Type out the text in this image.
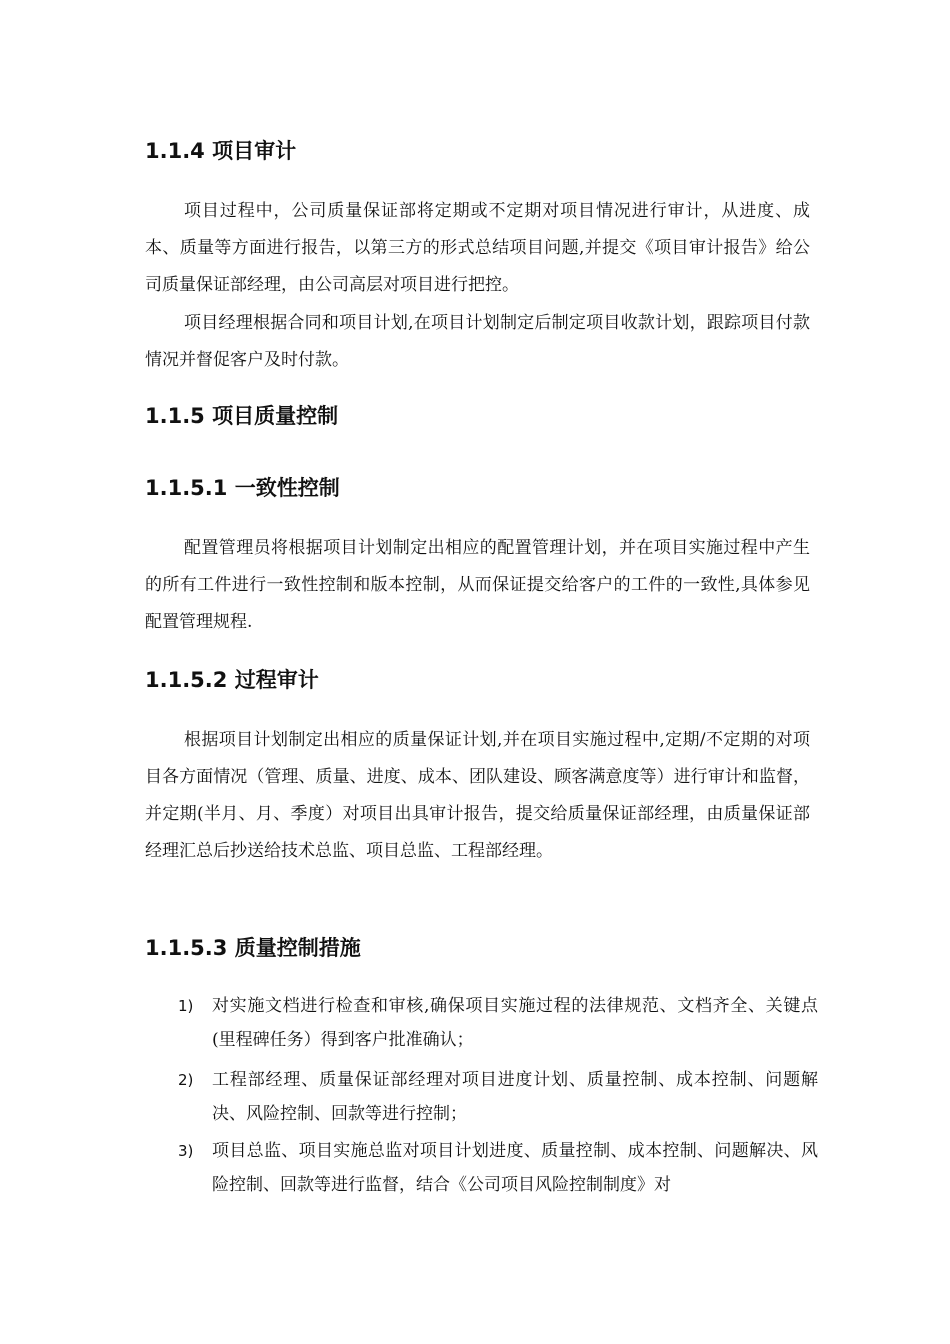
1.1.4 项目审计
项目过程中，公司质量保证部将定期或不定期对项目情况进行审计，从进度、成本、质量等方面进行报告，以第三方的形式总结项目问题,并提交《项目审计报告》给公司质量保证部经理，由公司高层对项目进行把控。
项目经理根据合同和项目计划,在项目计划制定后制定项目收款计划，跟踪项目付款情况并督促客户及时付款。
1.1.5 项目质量控制
1.1.5.1 一致性控制
配置管理员将根据项目计划制定出相应的配置管理计划，并在项目实施过程中产生的所有工件进行一致性控制和版本控制，从而保证提交给客户的工件的一致性,具体参见配置管理规程.
1.1.5.2 过程审计
根据项目计划制定出相应的质量保证计划,并在项目实施过程中,定期/不定期的对项目各方面情况（管理、质量、进度、成本、团队建设、顾客满意度等）进行审计和监督，并定期(半月、月、季度）对项目出具审计报告，提交给质量保证部经理，由质量保证部经理汇总后抄送给技术总监、项目总监、工程部经理。
1.1.5.3 质量控制措施
1)	对实施文档进行检查和审核,确保项目实施过程的法律规范、文档齐全、关键点(里程碑任务）得到客户批准确认；
2)	工程部经理、质量保证部经理对项目进度计划、质量控制、成本控制、问题解决、风险控制、回款等进行控制；
3)	项目总监、项目实施总监对项目计划进度、质量控制、成本控制、问题解决、风险控制、回款等进行监督，结合《公司项目风险控制制度》对
